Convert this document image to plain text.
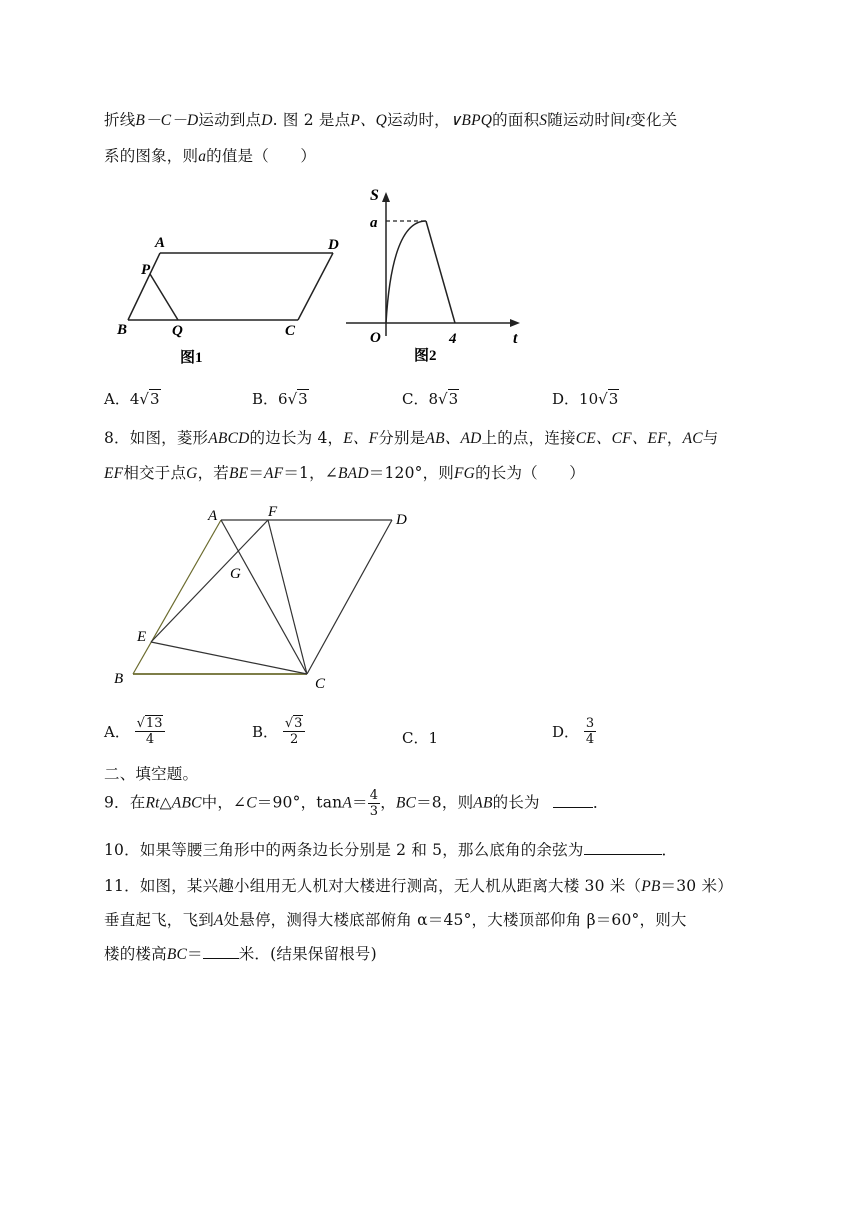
折线B－C－D运动到点D. 图 2 是点P、Q运动时，∨BPQ的面积S随运动时间t变化关
系的图象，则a的值是（　　）
A	D
P
B	Q	C
图1
S
a
O	4	t
图2
A．4√3	B．6√3	C．8√3	D．10√3
8．如图，菱形ABCD的边长为 4，E、F分别是AB、AD上的点，连接CE、CF、EF，AC与
EF相交于点G，若BE＝AF＝1，∠BAD＝120°，则FG的长为（　　）
A	F	D
G
E
B	C
A． $\frac{√13}{4}$	B． $\frac{√3}{2}$	C．1	D． $\frac{3}{4}$
二、填空题。
9．在Rt△ABC中，∠C＝90°，$\tan A= \frac{4}{3}$ ，BC＝8，则AB的长为	．
10．如果等腰三角形中的两条边长分别是 2 和 5，那么底角的余弦为	．
11．如图，某兴趣小组用无人机对大楼进行测高，无人机从距离大楼 30 米（PB＝30 米）
垂直起飞，飞到A处悬停，测得大楼底部俯角 α＝45°，大楼顶部仰角 β＝60°，则大
楼的楼高BC＝ 米．(结果保留根号)
